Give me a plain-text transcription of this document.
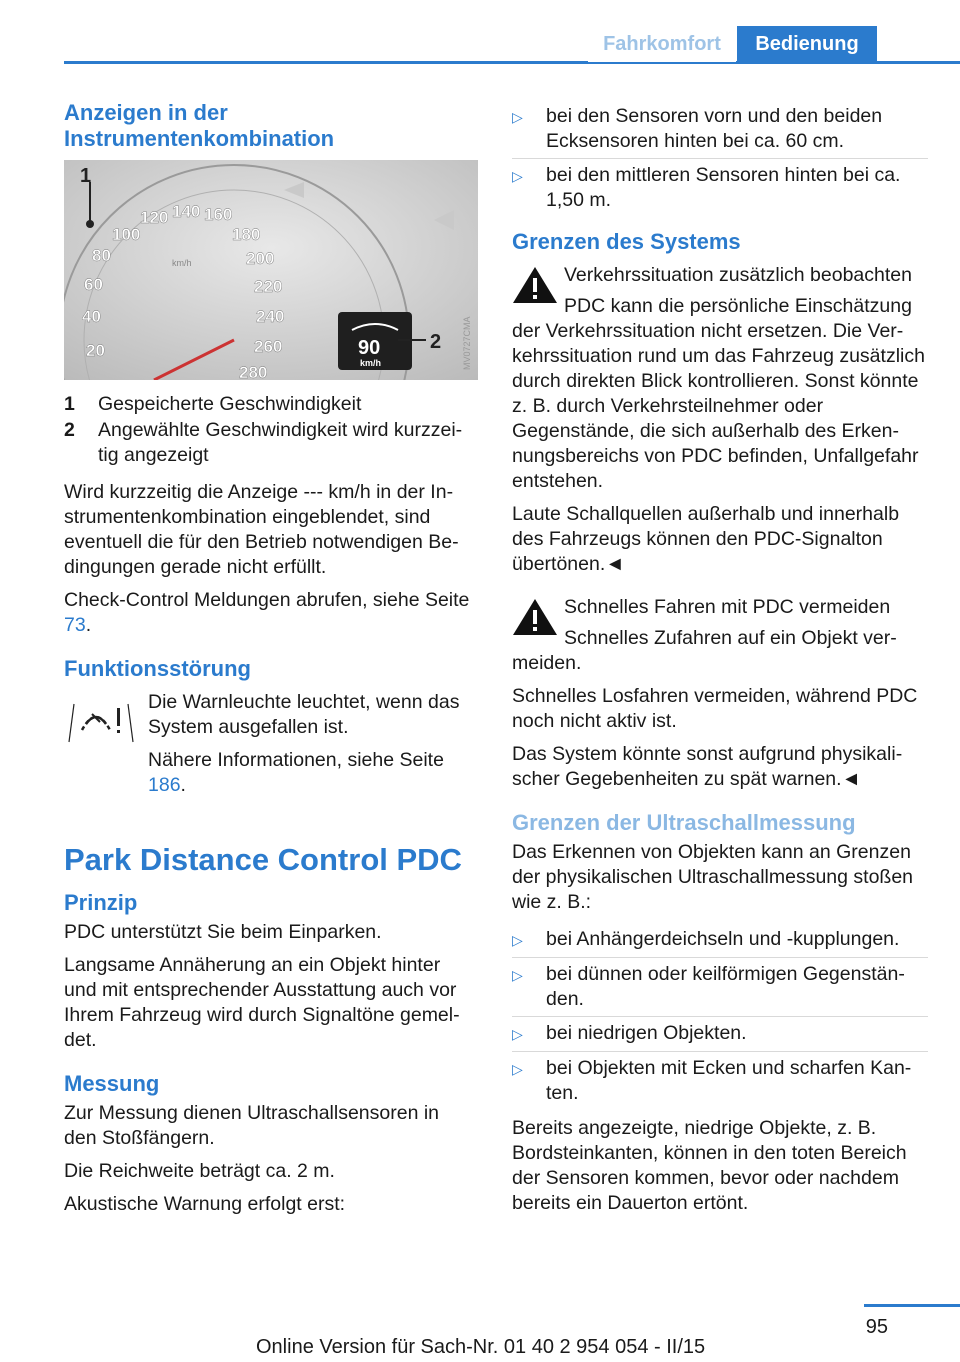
Fahrkomfort	Bedienung
Anzeigen in der Instrumentenkombination
20
40
60
80
100
120 140 160
180
200
220
240
260
280
km/h
1
90
km/h
2 MV0727CMA
1	Gespeicherte Geschwindigkeit
2	Angewählte Geschwindigkeit wird kurzzeitig angezeigt

Wird kurzzeitig die Anzeige --- km/h in der Instrumentenkombination eingeblendet, sind eventuell die für den Betrieb notwendigen Bedingungen gerade nicht erfüllt.

Check-Control Meldungen abrufen, siehe Seite 73.

Funktionsstörung

Die Warnleuchte leuchtet, wenn das System ausgefallen ist.

Nähere Informationen, siehe Seite 186.

Park Distance Control PDC
Prinzip

PDC unterstützt Sie beim Einparken.

Langsame Annäherung an ein Objekt hinter und mit entsprechender Ausstattung auch vor Ihrem Fahrzeug wird durch Signaltöne gemeldet.

Messung

Zur Messung dienen Ultraschallsensoren in den Stoßfängern.

Die Reichweite beträgt ca. 2 m.

Akustische Warnung erfolgt erst:

▷	bei den Sensoren vorn und den beiden Ecksensoren hinten bei ca. 60 cm.
▷	bei den mittleren Sensoren hinten bei ca. 1,50 m.
Grenzen des Systems

Verkehrssituation zusätzlich beobachten

PDC kann die persönliche Einschätzung der Verkehrssituation nicht ersetzen. Die Verkehrssituation rund um das Fahrzeug zusätzlich durch direkten Blick kontrollieren. Sonst könnte z. B. durch Verkehrsteilnehmer oder Gegenstände, die sich außerhalb des Erkennungsbereichs von PDC befinden, Unfallgefahr entstehen.

Laute Schallquellen außerhalb und innerhalb des Fahrzeugs können den PDC-Signalton übertönen.◄

Schnelles Fahren mit PDC vermeiden

Schnelles Zufahren auf ein Objekt vermeiden.

Schnelles Losfahren vermeiden, während PDC noch nicht aktiv ist.

Das System könnte sonst aufgrund physikalischer Gegebenheiten zu spät warnen.◄

Grenzen der Ultraschallmessung

Das Erkennen von Objekten kann an Grenzen der physikalischen Ultraschallmessung stoßen wie z. B.:

▷	bei Anhängerdeichseln und -kupplungen.
▷	bei dünnen oder keilförmigen Gegenständen.
▷	bei niedrigen Objekten.
▷	bei Objekten mit Ecken und scharfen Kanten.

Bereits angezeigte, niedrige Objekte, z. B. Bordsteinkanten, können in den toten Bereich der Sensoren kommen, bevor oder nachdem bereits ein Dauerton ertönt.

95
Online Version für Sach-Nr. 01 40 2 954 054 - II/15
